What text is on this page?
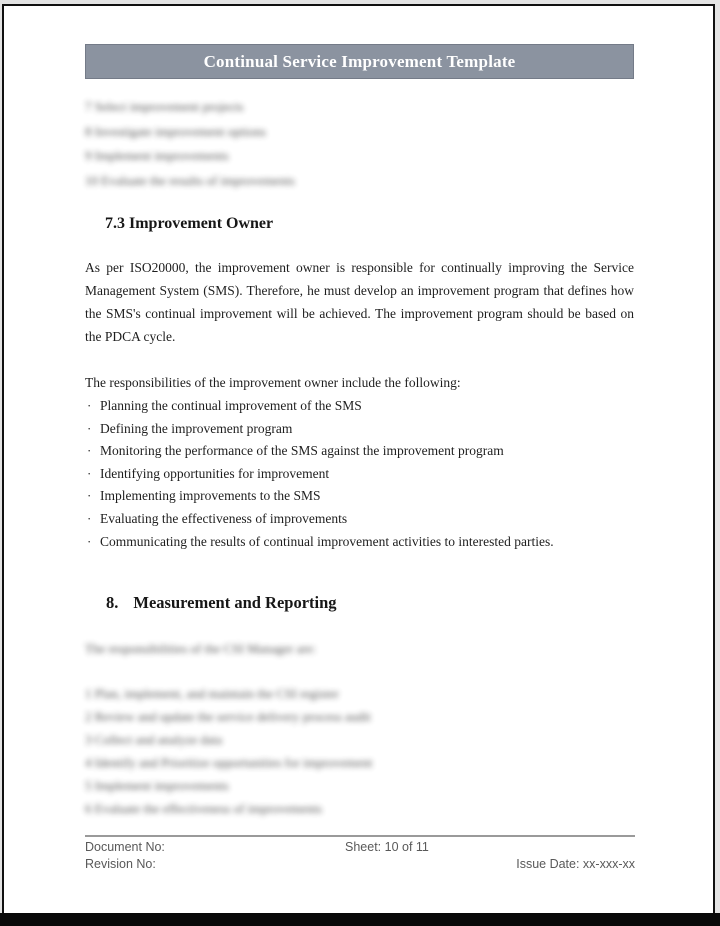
Continual Service Improvement Template
7 Select improvement projects
8 Investigate improvement options
9 Implement improvements
10 Evaluate the results of improvements
7.3 Improvement Owner

As per ISO20000, the improvement owner is responsible for continually improving the Service Management System (SMS). Therefore, he must develop an improvement program that defines how the SMS's continual improvement will be achieved. The improvement program should be based on the PDCA cycle.

The responsibilities of the improvement owner include the following:
· Planning the continual improvement of the SMS
· Defining the improvement program
· Monitoring the performance of the SMS against the improvement program
· Identifying opportunities for improvement
· Implementing improvements to the SMS
· Evaluating the effectiveness of improvements
· Communicating the results of continual improvement activities to interested parties.
8. Measurement and Reporting
The responsibilities of the CSI Manager are:
1 Plan, implement, and maintain the CSI register
2 Review and update the service delivery process audit
3 Collect and analyze data
4 Identify and Prioritize opportunities for improvement
5 Implement improvements
6 Evaluate the effectiveness of improvements
Document No:	Sheet: 10 of 11
Revision No:	Issue Date: xx-xxx-xx
